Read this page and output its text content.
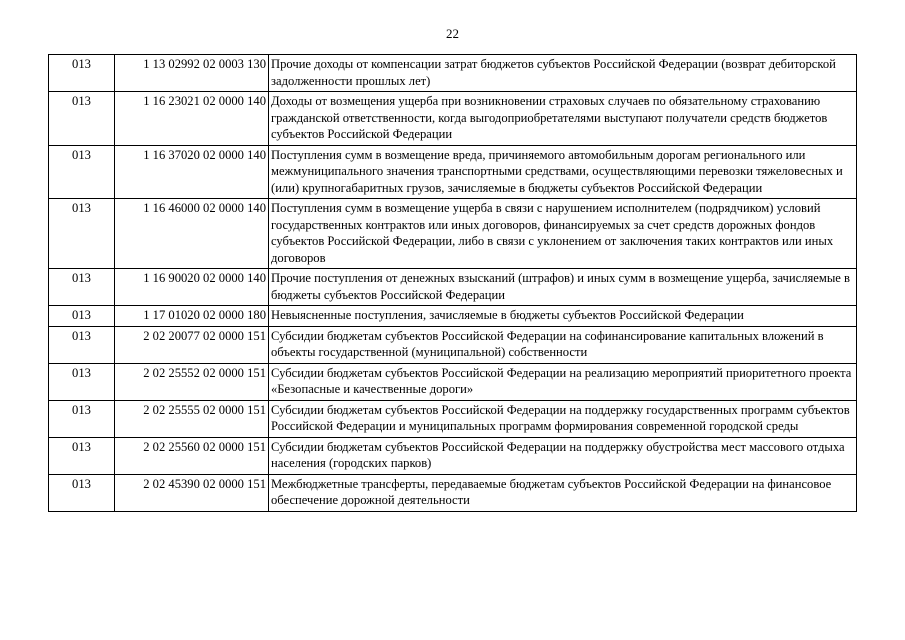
22
013	1 13 02992 02 0003 130	Прочие доходы от компенсации затрат бюджетов субъектов Российской Федерации (возврат дебиторской задолженности прошлых лет)
013	1 16 23021 02 0000 140	Доходы от возмещения ущерба при возникновении страховых случаев по обязательному страхованию гражданской ответственности, когда выгодоприобретателями выступают получатели средств бюджетов субъектов Российской Федерации
013	1 16 37020 02 0000 140	Поступления сумм в возмещение вреда, причиняемого автомобильным дорогам регионального или межмуниципального значения транспортными средствами, осуществляющими перевозки тяжеловесных и (или) крупногабаритных грузов, зачисляемые в бюджеты субъектов Российской Федерации
013	1 16 46000 02 0000 140	Поступления сумм в возмещение ущерба в связи с нарушением исполнителем (подрядчиком) условий государственных контрактов или иных договоров, финансируемых за счет средств дорожных фондов субъектов Российской Федерации, либо в связи с уклонением от заключения таких контрактов или иных договоров
013	1 16 90020 02 0000 140	Прочие поступления от денежных взысканий (штрафов) и иных сумм в возмещение ущерба, зачисляемые в бюджеты субъектов Российской Федерации
013	1 17 01020 02 0000 180	Невыясненные поступления, зачисляемые в бюджеты субъектов Российской Федерации
013	2 02 20077 02 0000 151	Субсидии бюджетам субъектов Российской Федерации на софинансирование капитальных вложений в объекты государственной (муниципальной) собственности
013	2 02 25552 02 0000 151	Субсидии бюджетам субъектов Российской Федерации на реализацию мероприятий приоритетного проекта «Безопасные и качественные дороги»
013	2 02 25555 02 0000 151	Субсидии бюджетам субъектов Российской Федерации на поддержку государственных программ субъектов Российской Федерации и муниципальных программ формирования современной городской среды
013	2 02 25560 02 0000 151	Субсидии бюджетам субъектов Российской Федерации на поддержку обустройства мест массового отдыха населения (городских парков)
013	2 02 45390 02 0000 151	Межбюджетные трансферты, передаваемые бюджетам субъектов Российской Федерации на финансовое обеспечение дорожной деятельности
